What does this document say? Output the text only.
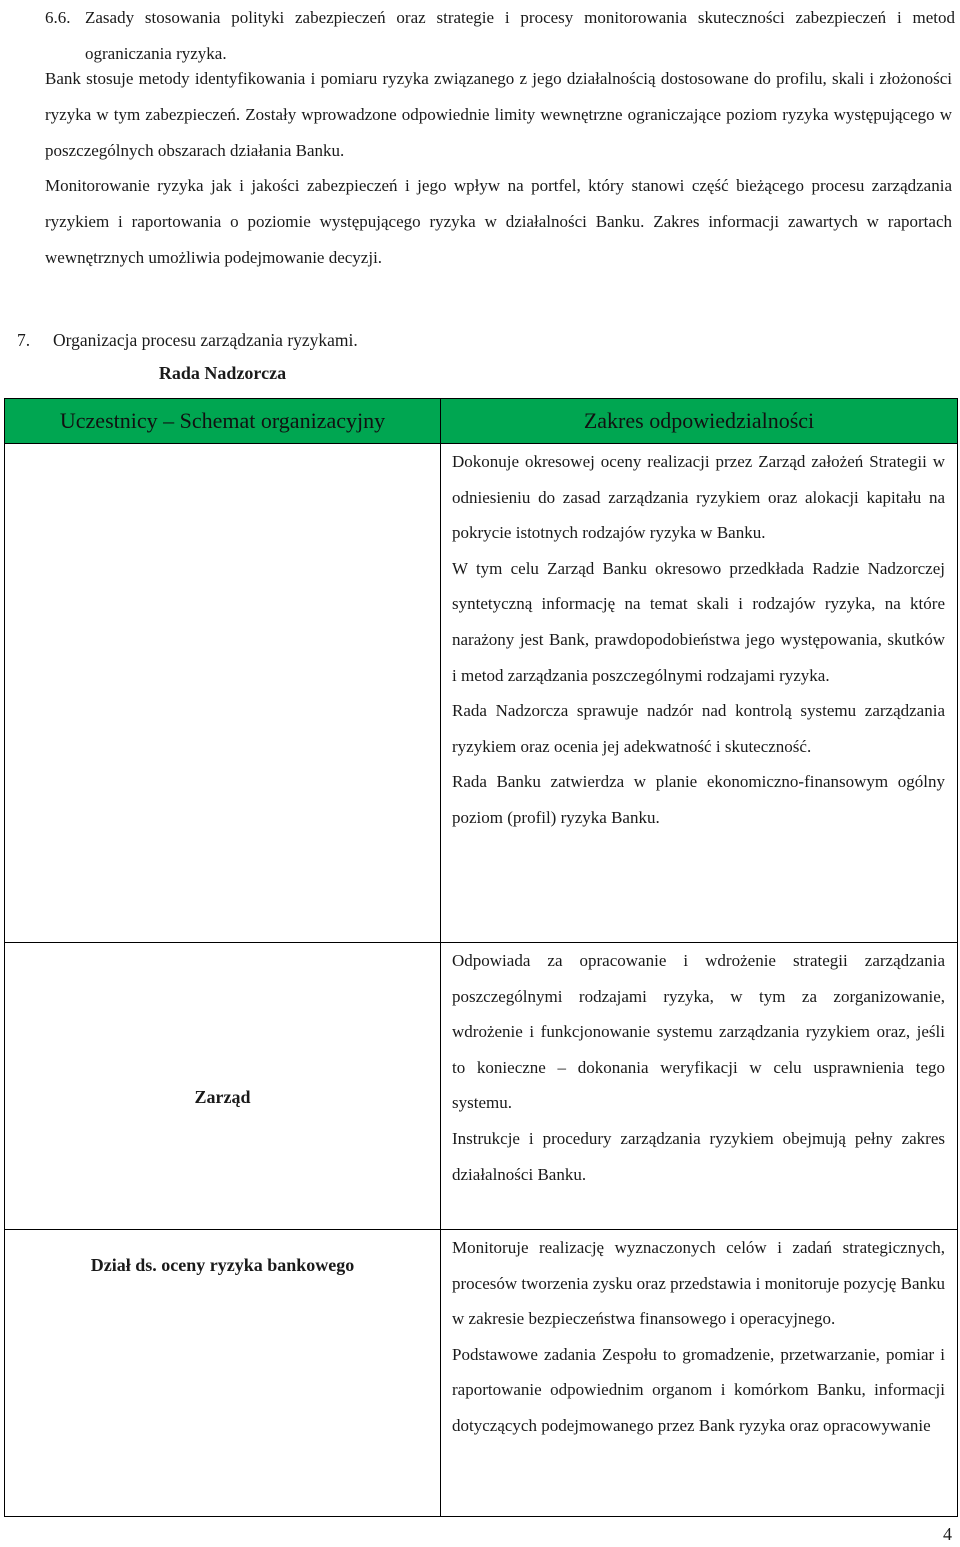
6.6. Zasady stosowania polityki zabezpieczeń oraz strategie i procesy monitorowania skuteczności zabezpieczeń i metod ograniczania ryzyka.
Bank stosuje metody identyfikowania i pomiaru ryzyka związanego z jego działalnością dostosowane do profilu, skali i złożoności ryzyka w tym zabezpieczeń. Zostały wprowadzone odpowiednie limity wewnętrzne ograniczające poziom ryzyka występującego w poszczególnych obszarach działania Banku.
Monitorowanie ryzyka jak i jakości zabezpieczeń i jego wpływ na portfel, który stanowi część bieżącego procesu zarządzania ryzykiem i raportowania o poziomie występującego ryzyka w działalności Banku. Zakres informacji zawartych w raportach wewnętrznych umożliwia podejmowanie decyzji.
7. Organizacja procesu zarządzania ryzykami.
Uczestnicy – Schemat organizacyjny	Zakres odpowiedzialności

Rada Nadzorcza	Dokonuje okresowej oceny realizacji przez Zarząd założeń Strategii w odniesieniu do zasad zarządzania ryzykiem oraz alokacji kapitału na pokrycie istotnych rodzajów ryzyka w Banku.

W tym celu Zarząd Banku okresowo przedkłada Radzie Nadzorczej syntetyczną informację na temat skali i rodzajów ryzyka, na które narażony jest Bank, prawdopodobieństwa jego występowania, skutków i metod zarządzania poszczególnymi rodzajami ryzyka.

Rada Nadzorcza sprawuje nadzór nad kontrolą systemu zarządzania ryzykiem oraz ocenia jej adekwatność i skuteczność.

Rada Banku zatwierdza w planie ekonomiczno-finansowym ogólny poziom (profil) ryzyka Banku.

Zarząd	Odpowiada za opracowanie i wdrożenie strategii zarządzania poszczególnymi rodzajami ryzyka, w tym za zorganizowanie, wdrożenie i funkcjonowanie systemu zarządzania ryzykiem oraz, jeśli to konieczne – dokonania weryfikacji w celu usprawnienia tego systemu.

Instrukcje i procedury zarządzania ryzykiem obejmują pełny zakres działalności Banku.

Dział ds. oceny ryzyka bankowego	Monitoruje realizację wyznaczonych celów i zadań strategicznych, procesów tworzenia zysku oraz przedstawia i monitoruje pozycję Banku w zakresie bezpieczeństwa finansowego i operacyjnego.

Podstawowe zadania Zespołu to gromadzenie, przetwarzanie, pomiar i raportowanie odpowiednim organom i komórkom Banku, informacji dotyczących podejmowanego przez Bank ryzyka oraz opracowywanie

4
